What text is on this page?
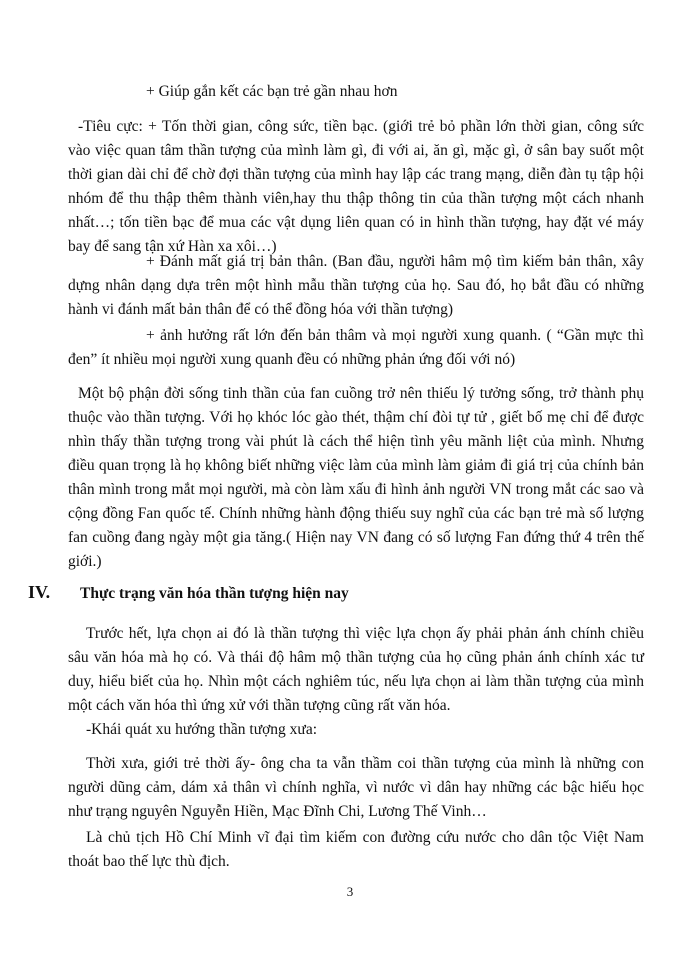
+ Giúp gắn kết các bạn trẻ gần nhau hơn

-Tiêu cực: + Tốn thời gian, công sức, tiền bạc. (giới trẻ bỏ phần lớn thời gian, công sức vào việc quan tâm thần tượng của mình làm gì, đi với ai, ăn gì, mặc gì, ở sân bay suốt một thời gian dài chỉ để chờ đợi thần tượng của mình hay lập các trang mạng, diễn đàn tụ tập hội nhóm để thu thập thêm thành viên,hay thu thập thông tin của thần tượng một cách nhanh nhất…; tốn tiền bạc để mua các vật dụng liên quan có in hình thần tượng, hay đặt vé máy bay để sang tận xứ Hàn xa xôi…)

+ Đánh mất giá trị bản thân. (Ban đầu, người hâm mộ tìm kiếm bản thân, xây dựng nhân dạng dựa trên một hình mẫu thần tượng của họ. Sau đó, họ bắt đầu có những hành vi đánh mất bản thân để có thể đồng hóa với thần tượng)

+ ảnh hưởng rất lớn đến bản thâm và mọi người xung quanh. ( “Gần mực thì đen” ít nhiều mọi người xung quanh đều có những phản ứng đối với nó)

Một bộ phận đời sống tinh thần của fan cuồng trở nên thiếu lý tưởng sống, trở thành phụ thuộc vào thần tượng. Với họ khóc lóc gào thét, thậm chí đòi tự tử , giết bố mẹ chỉ để được nhìn thấy thần tượng trong vài phút là cách thể hiện tình yêu mãnh liệt của mình. Nhưng điều quan trọng là họ không biết những việc làm của mình làm giảm đi giá trị của chính bản thân mình trong mắt mọi người, mà còn làm xấu đi hình ảnh người VN trong mắt các sao và cộng đồng Fan quốc tế. Chính những hành động thiếu suy nghĩ của các bạn trẻ mà số lượng fan cuồng đang ngày một gia tăng.( Hiện nay VN đang có số lượng Fan đứng thứ 4 trên thế giới.)

IV. Thực trạng văn hóa thần tượng hiện nay

Trước hết, lựa chọn ai đó là thần tượng thì việc lựa chọn ấy phải phản ánh chính chiều sâu văn hóa mà họ có. Và thái độ hâm mộ thần tượng của họ cũng phản ánh chính xác tư duy, hiểu biết của họ. Nhìn một cách nghiêm túc, nếu lựa chọn ai làm thần tượng của mình một cách văn hóa thì ứng xử với thần tượng cũng rất văn hóa.

-Khái quát xu hướng thần tượng xưa:

Thời xưa, giới trẻ thời ấy- ông cha ta vẫn thầm coi thần tượng của mình là những con người dũng cảm, dám xả thân vì chính nghĩa, vì nước vì dân hay những các bậc hiếu học như trạng nguyên Nguyễn Hiền, Mạc Đĩnh Chi, Lương Thế Vinh…

Là chủ tịch Hồ Chí Minh vĩ đại tìm kiếm con đường cứu nước cho dân tộc Việt Nam thoát bao thế lực thù địch.

3
